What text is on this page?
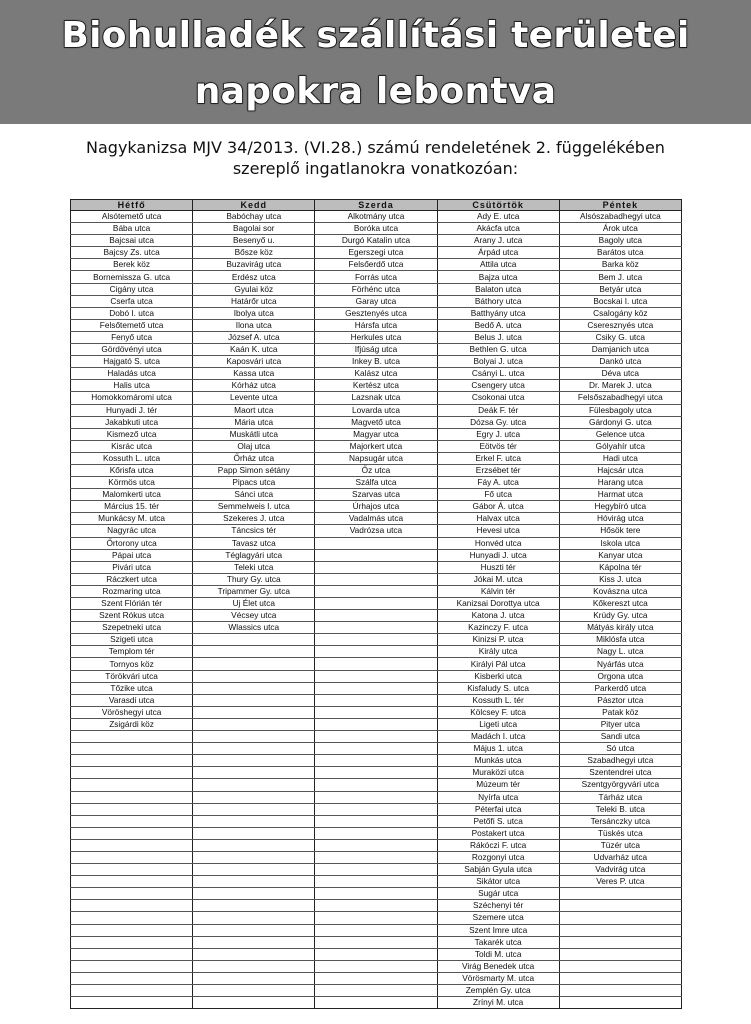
Biohulladék szállítási területei
napokra lebontva
Nagykanizsa MJV 34/2013. (VI.28.) számú rendeletének 2. függelékében
szereplő ingatlanokra vonatkozóan:
Hétfő	Kedd	Szerda	Csütörtök	Péntek
Alsótemető utca	Babóchay utca	Alkotmány utca	Ady E. utca	Alsószabadhegyi utca
Bába utca	Bagolai sor	Boróka utca	Akácfa utca	Árok utca
Bajcsai utca	Besenyő u.	Durgó Katalin utca	Arany J. utca	Bagoly utca
Bajcsy Zs. utca	Bősze köz	Egerszegi utca	Árpád utca	Barátos utca
Berek köz	Buzavirág utca	Felsőerdő utca	Attila utca	Barka köz
Bornemissza G. utca	Erdész utca	Forrás utca	Bajza utca	Bem J. utca
Cigány utca	Gyulai köz	Förhénc utca	Balaton utca	Betyár utca
Cserfa utca	Határőr utca	Garay utca	Báthory utca	Bocskai I. utca
Dobó I. utca	Ibolya utca	Gesztenyés utca	Batthyány utca	Csalogány köz
Felsőtemető utca	Ilona utca	Hársfa utca	Bedő A. utca	Cseresznyés utca
Fenyő utca	József A. utca	Herkules utca	Belus J. utca	Csiky G. utca
Gördövényi utca	Kaán K. utca	Ifjúság utca	Bethlen G. utca	Damjanich utca
Hajgató S. utca	Kaposvári utca	Inkey B. utca	Bolyai J. utca	Dankó utca
Haladás utca	Kassa utca	Kalász utca	Csányi L. utca	Déva utca
Halis utca	Kórház utca	Kertész utca	Csengery utca	Dr. Marek J. utca
Homokkomáromi utca	Levente utca	Lazsnak utca	Csokonai utca	Felsőszabadhegyi utca
Hunyadi J. tér	Maort utca	Lovarda utca	Deák F. tér	Fülesbagoly utca
Jakabkuti utca	Mária utca	Magvető utca	Dózsa Gy. utca	Gárdonyi G. utca
Kismező utca	Muskátli utca	Magyar utca	Egry J. utca	Gelence utca
Kisrác utca	Olaj utca	Majorkert utca	Eötvös tér	Gólyahír utca
Kossuth L. utca	Őrház utca	Napsugár utca	Erkel F. utca	Hadi utca
Kőrisfa utca	Papp Simon sétány	Őz utca	Erzsébet tér	Hajcsár utca
Körmös utca	Pipacs utca	Szálfa utca	Fáy A. utca	Harang utca
Malomkerti utca	Sánci utca	Szarvas utca	Fő utca	Harmat utca
Március 15. tér	Semmelweis I. utca	Úrhajos utca	Gábor Á. utca	Hegybíró utca
Munkácsy M. utca	Szekeres J. utca	Vadalmás utca	Halvax utca	Hóvirág utca
Nagyrác utca	Táncsics tér	Vadrózsa utca	Hevesi utca	Hősök tere
Őrtorony utca	Tavasz utca		Honvéd utca	Iskola utca
Pápai utca	Téglagyári utca		Hunyadi J. utca	Kanyar utca
Pivári utca	Teleki utca		Huszti tér	Kápolna tér
Ráczkert utca	Thury Gy. utca		Jókai M. utca	Kiss J. utca
Rozmaring utca	Tripammer Gy. utca		Kálvin tér	Kovászna utca
Szent Flórián tér	Uj Élet utca		Kanizsai Dorottya utca	Kőkereszt utca
Szent Rókus utca	Vécsey utca		Katona J. utca	Krúdy Gy. utca
Szepetneki utca	Wlassics utca		Kazinczy F. utca	Mátyás király utca
Szigeti utca			Kinizsi P. utca	Miklósfa utca
Templom tér			Király utca	Nagy L. utca
Tornyos köz			Királyi Pál utca	Nyárfás utca
Törökvári utca			Kisberki utca	Orgona utca
Tőzike utca			Kisfaludy S. utca	Parkerdő utca
Varasdi utca			Kossuth L. tér	Pásztor utca
Vöröshegyi utca			Kölcsey F. utca	Patak köz
Zsigárdi köz			Ligeti utca	Pityer utca
			Madách I. utca	Sandi utca
			Május 1. utca	Só utca
			Munkás utca	Szabadhegyi utca
			Muraközi utca	Szentendrei utca
			Múzeum tér	Szentgyörgyvári utca
			Nyírfa utca	Tárház utca
			Péterfai utca	Teleki B. utca
			Petőfi S. utca	Tersánczky utca
			Postakert utca	Tüskés utca
			Rákóczi F. utca	Tüzér utca
			Rozgonyi utca	Udvarház utca
			Sabján Gyula utca	Vadvirág utca
			Sikátor utca	Veres P. utca
			Sugár utca	
			Széchenyi tér	
			Szemere utca	
			Szent Imre utca	
			Takarék utca	
			Toldi M. utca	
			Virág Benedek utca	
			Vörösmarty M. utca	
			Zemplén Gy. utca	
			Zrínyi M. utca	
